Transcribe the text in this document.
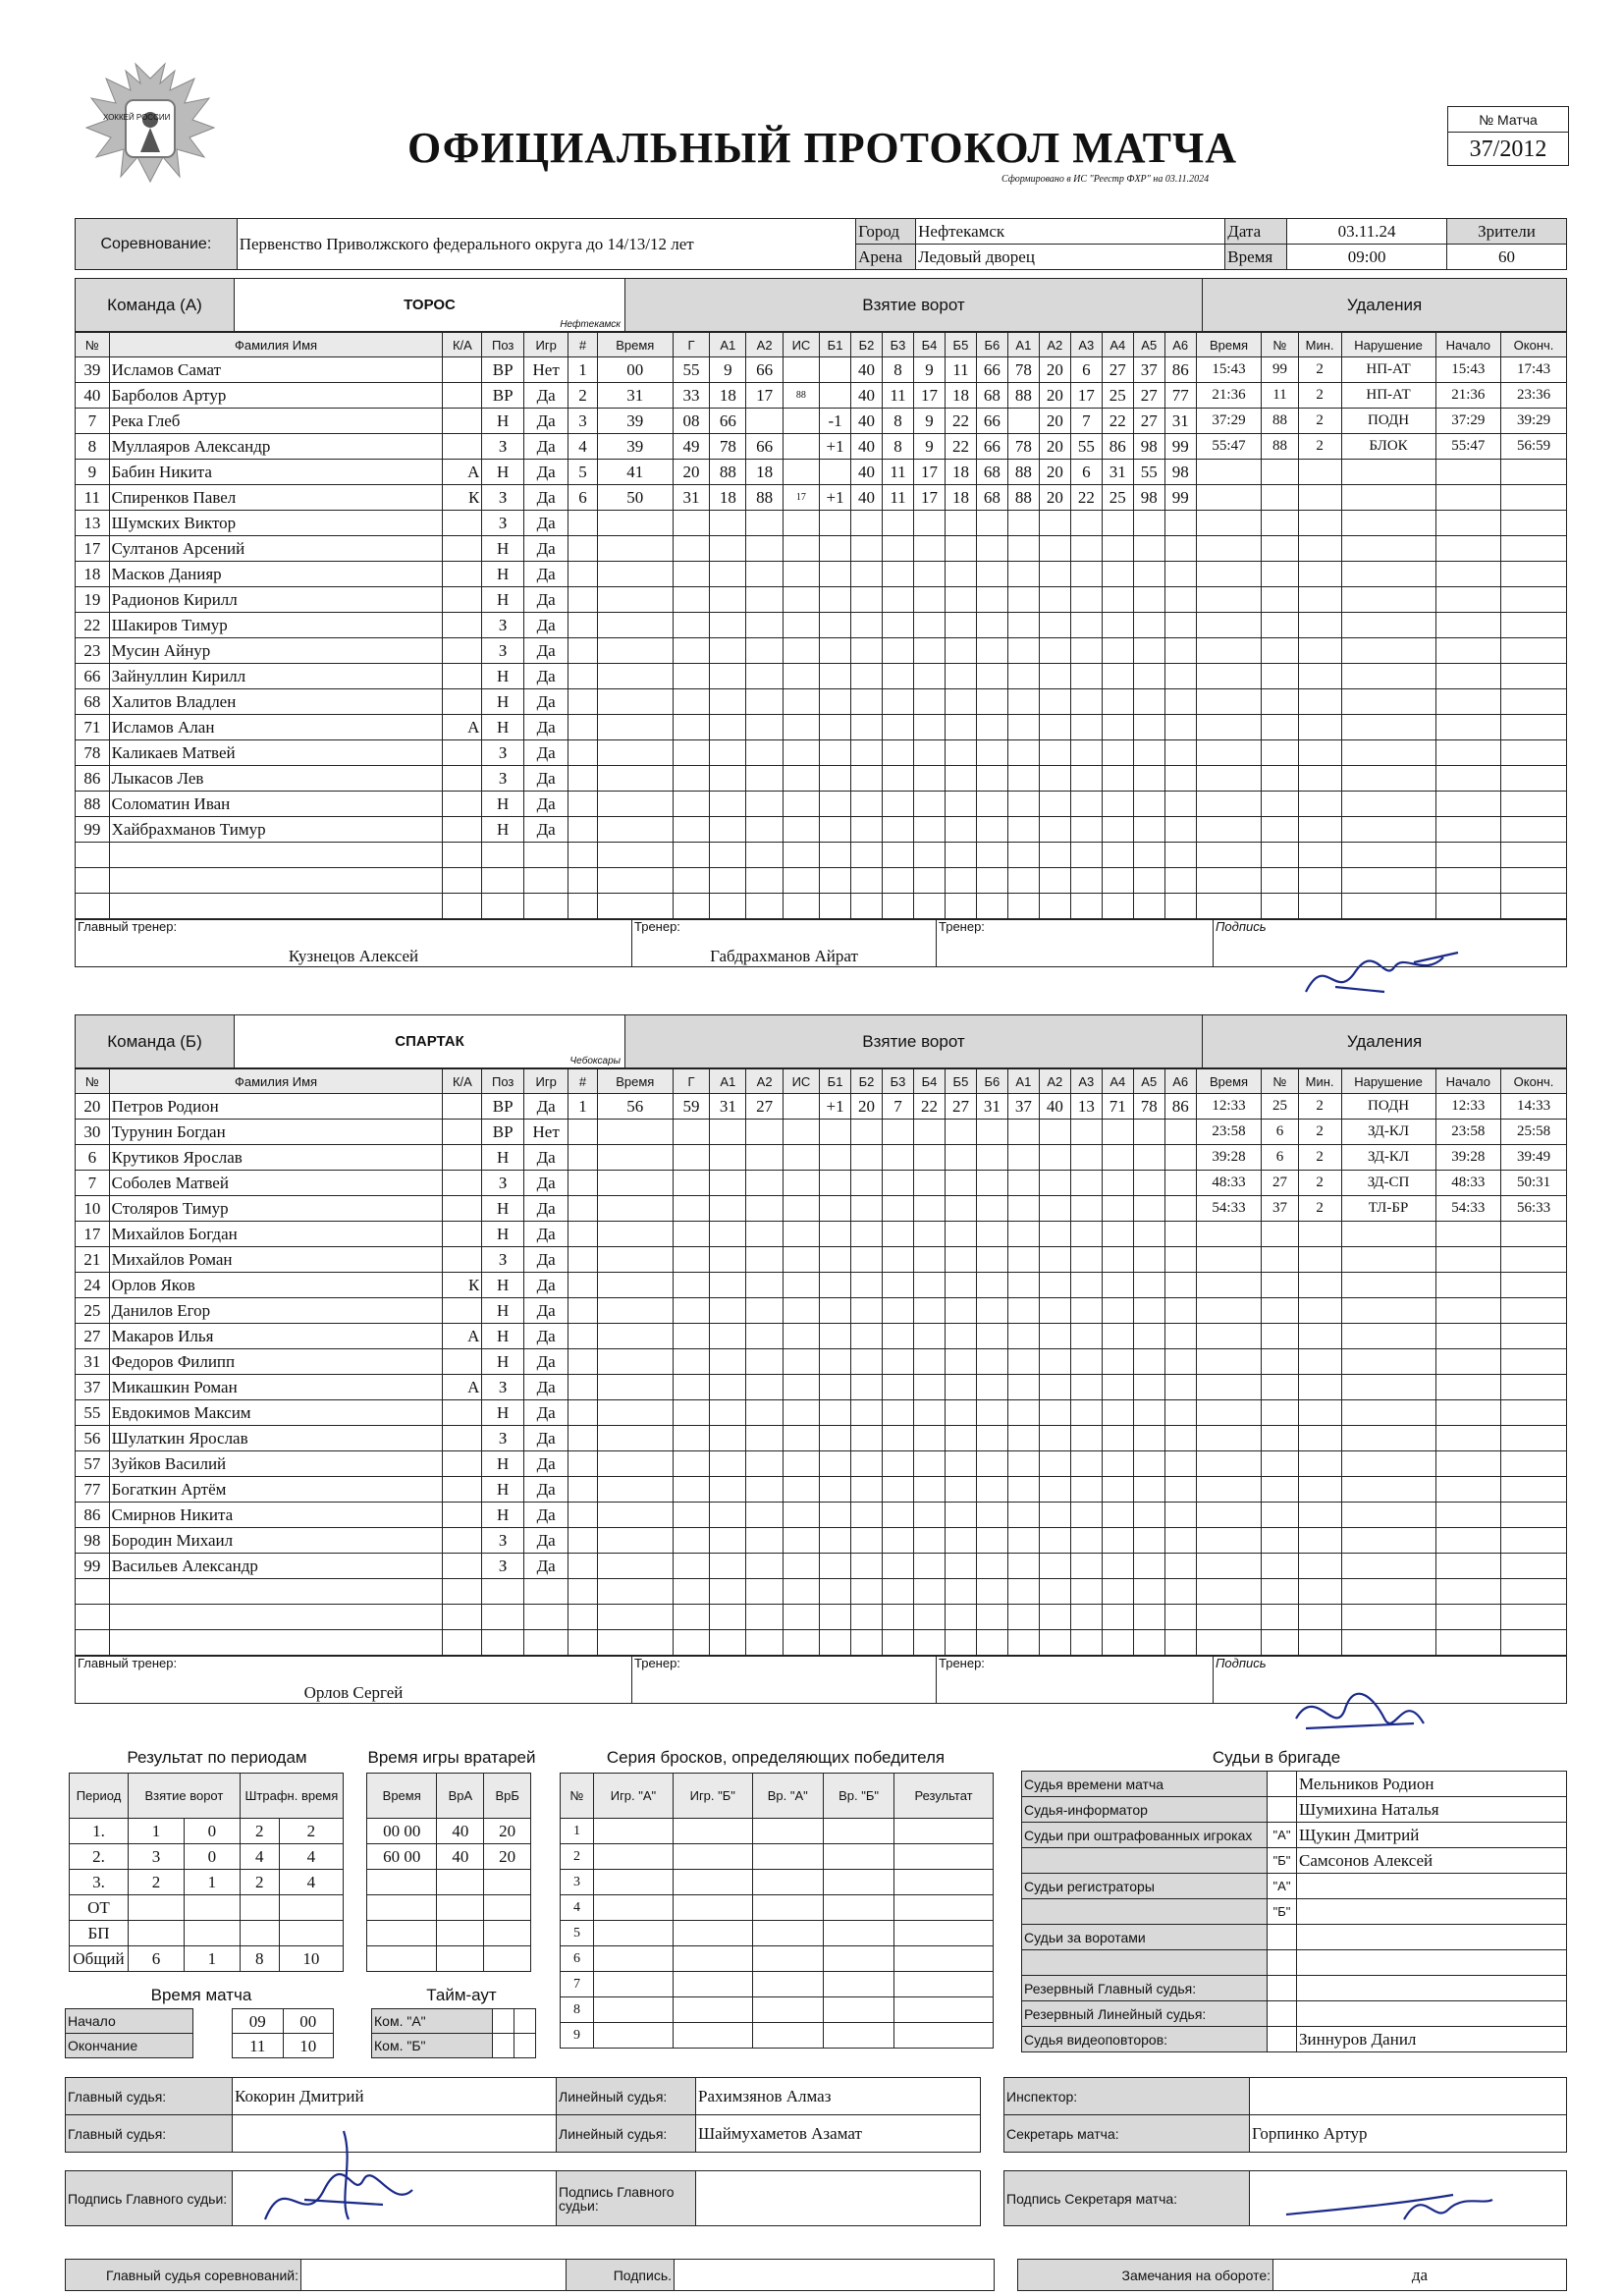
ХОККЕЙ РОССИИ
ОФИЦИАЛЬНЫЙ ПРОТОКОЛ МАТЧА
Сформировано в ИС "Реестр ФХР" на 03.11.2024
№ Матча
37/2012
Соревнование:	Первенство Приволжского федерального округа до 14/13/12 лет	Город	Нефтекамск	Дата	03.11.24	Зрители
		Арена	Ледовый дворец	Время	09:00	60
Команда (А)	ТОРОС
Нефтекамск
	Взятие ворот	Удаления
№	Фамилия Имя	К/А	Поз	Игр	#	Время	Г	А1	А2	ИС	Б1	Б2	Б3	Б4	Б5	Б6	А1	А2	А3	А4	А5	А6	Время	№	Мин.	Нарушение	Начало	Оконч.
39	Исламов Самат		ВР	Нет	1	00	55	9	66			40	8	9	11	66	78	20	6	27	37	86	15:43	99	2	НП-АТ	15:43	17:43
40	Барболов Артур		ВР	Да	2	31	33	18	17	88		40	11	17	18	68	88	20	17	25	27	77	21:36	11	2	НП-АТ	21:36	23:36
7	Река Глеб		Н	Да	3	39	08	66			-1	40	8	9	22	66		20	7	22	27	31	37:29	88	2	ПОДН	37:29	39:29
8	Муллаяров Александр		З	Да	4	39	49	78	66		+1	40	8	9	22	66	78	20	55	86	98	99	55:47	88	2	БЛОК	55:47	56:59
9	Бабин Никита	А	Н	Да	5	41	20	88	18			40	11	17	18	68	88	20	6	31	55	98						
11	Спиренков Павел	К	З	Да	6	50	31	18	88	17	+1	40	11	17	18	68	88	20	22	25	98	99						
13	Шумских Виктор		З	Да																								
17	Султанов Арсений		Н	Да																								
18	Масков Данияр		Н	Да																								
19	Радионов Кирилл		Н	Да																								
22	Шакиров Тимур		З	Да																								
23	Мусин Айнур		З	Да																								
66	Зайнуллин Кирилл		Н	Да																								
68	Халитов Владлен		Н	Да																								
71	Исламов Алан	А	Н	Да																								
78	Каликаев Матвей		З	Да																								
86	Лыкасов Лев		З	Да																								
88	Соломатин Иван		Н	Да																								
99	Хайбрахманов Тимур		Н	Да																								

Главный тренер:
Кузнецов Алексей

Тренер:
Габдрахманов Айрат

Тренер:	Подпись
Команда (Б)	СПАРТАК
Чебоксары
	Взятие ворот	Удаления
№	Фамилия Имя	К/А	Поз	Игр	#	Время	Г	А1	А2	ИС	Б1	Б2	Б3	Б4	Б5	Б6	А1	А2	А3	А4	А5	А6	Время	№	Мин.	Нарушение	Начало	Оконч.
20	Петров Родион		ВР	Да	1	56	59	31	27		+1	20	7	22	27	31	37	40	13	71	78	86	12:33	25	2	ПОДН	12:33	14:33
30	Турунин Богдан		ВР	Нет																			23:58	6	2	ЗД-КЛ	23:58	25:58
6	Крутиков Ярослав		Н	Да																			39:28	6	2	ЗД-КЛ	39:28	39:49
7	Соболев Матвей		З	Да																			48:33	27	2	ЗД-СП	48:33	50:31
10	Столяров Тимур		Н	Да																			54:33	37	2	ТЛ-БР	54:33	56:33
17	Михайлов Богдан		Н	Да																								
21	Михайлов Роман		З	Да																								
24	Орлов Яков	К	Н	Да																								
25	Данилов Егор		Н	Да																								
27	Макаров Илья	А	Н	Да																								
31	Федоров Филипп		Н	Да																								
37	Микашкин Роман	А	З	Да																								
55	Евдокимов Максим		Н	Да																								
56	Шулаткин Ярослав		З	Да																								
57	Зуйков Василий		Н	Да																								
77	Богаткин Артём		Н	Да																								
86	Смирнов Никита		Н	Да																								
98	Бородин Михаил		З	Да																								
99	Васильев Александр		З	Да																								

Главный тренер:
Орлов Сергей

Тренер:	Тренер:	Подпись
Результат по периодам
Период	Взятие ворот		Штрафн. время	
1.	1	0	2	2
2.	3	0	4	4
3.	2	1	2	4
ОТ				
БП				
Общий	6	1	8	10
Время игры вратарей
Время	ВрА	ВрБ
00 00	40	20
60 00	40	20

Серия бросков, определяющих победителя
№	Игр. "А"	Игр. "Б"	Вр. "А"	Вр. "Б"	Результат
1					
2					
3					
4					
5					
6					
7					
8					
9					
Время матча
Начало		09	00
Окончание		11	10
Тайм-аут
Ком. "А"		
Ком. "Б"		
Судьи в бригаде
Судья времени матча		Мельников Родион
Судья-информатор		Шумихина Наталья
Судьи при оштрафованных игроках	"А"	Щукин Дмитрий
	"Б"	Самсонов Алексей
Судьи регистраторы	"А"	
	"Б"	
Судьи за воротами		

Резервный Главный судья:		
Резервный Линейный судья:		
Судья видеоповторов:		Зиннуров Данил
Главный судья:	Кокорин Дмитрий	Линейный судья:	Рахимзянов Алмаз		Инспектор:	
Главный судья:		Линейный судья:	Шаймухаметов Азамат		Секретарь матча:	Горпинко Артур
Подпись Главного судьи:		Подпись Главного судьи:			Подпись Секретаря матча:	
Главный судья соревнований:		Подпись.			Замечания на обороте:	да
